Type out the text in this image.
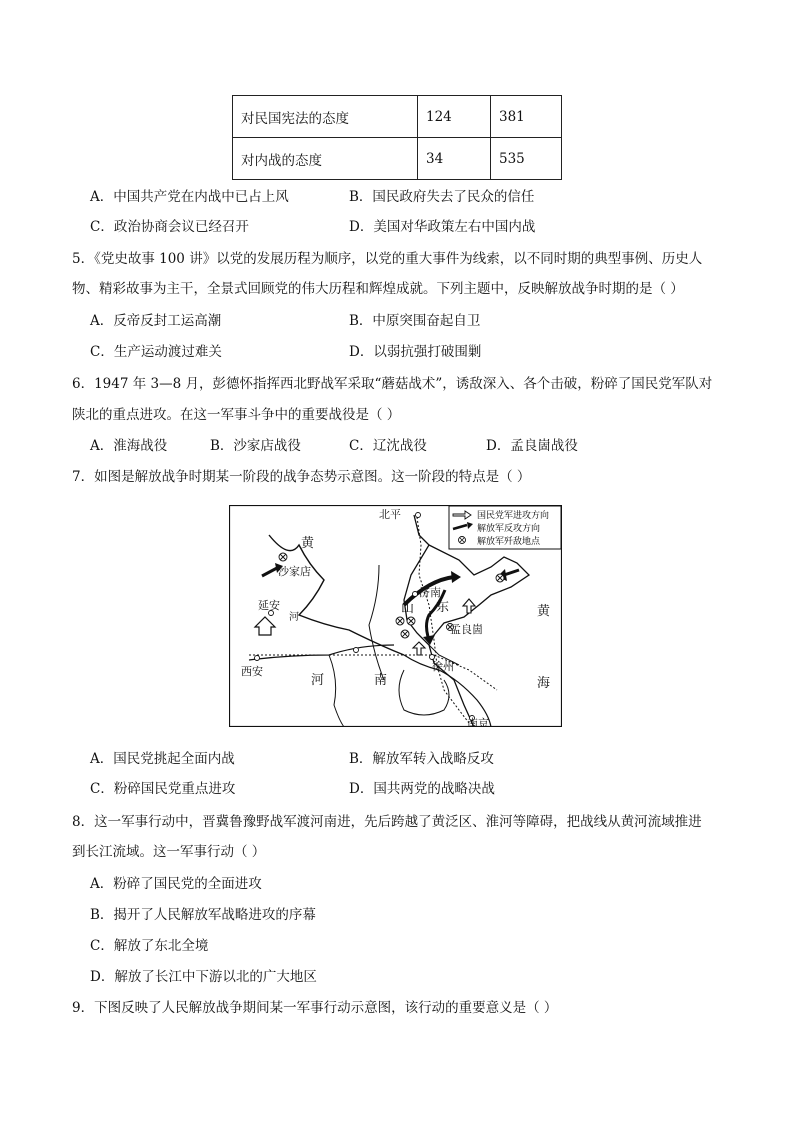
对民国宪法的态度	124	381
对内战的态度	34	535
A．中国共产党在内战中已占上风	B．国民政府失去了民众的信任
C．政治协商会议已经召开	D．美国对华政策左右中国内战
5．《党史故事 100 讲》以党的发展历程为顺序，以党的重大事件为线索，以不同时期的典型事例、历史人
物、精彩故事为主干，全景式回顾党的伟大历程和辉煌成就。下列主题中，反映解放战争时期的是（ ）
A．反帝反封工运高潮	B．中原突围奋起自卫
C．生产运动渡过难关	D．以弱抗强打破围剿
6．1947 年 3—8 月，彭德怀指挥西北野战军采取“蘑菇战术”，诱敌深入、各个击破，粉碎了国民党军队对
陕北的重点进攻。在这一军事斗争中的重要战役是（ ）
A．淮海战役	B．沙家店战役	C．辽沈战役	D．孟良崮战役
7．如图是解放战争时期某一阶段的战争态势示意图。这一阶段的特点是（ ）
国民党军进攻方向
解放军反攻方向
解放军歼敌地点
北平
沙家店
延安
济南
孟良崮
西安	徐州
南京
黄
河
山 东
河	南
黄
海
A．国民党挑起全面内战	B．解放军转入战略反攻
C．粉碎国民党重点进攻	D．国共两党的战略决战
8．这一军事行动中，晋冀鲁豫野战军渡河南进，先后跨越了黄泛区、淮河等障碍，把战线从黄河流域推进
到长江流域。这一军事行动（ ）
A．粉碎了国民党的全面进攻
B．揭开了人民解放军战略进攻的序幕
C．解放了东北全境
D．解放了长江中下游以北的广大地区
9．下图反映了人民解放战争期间某一军事行动示意图，该行动的重要意义是（ ）
